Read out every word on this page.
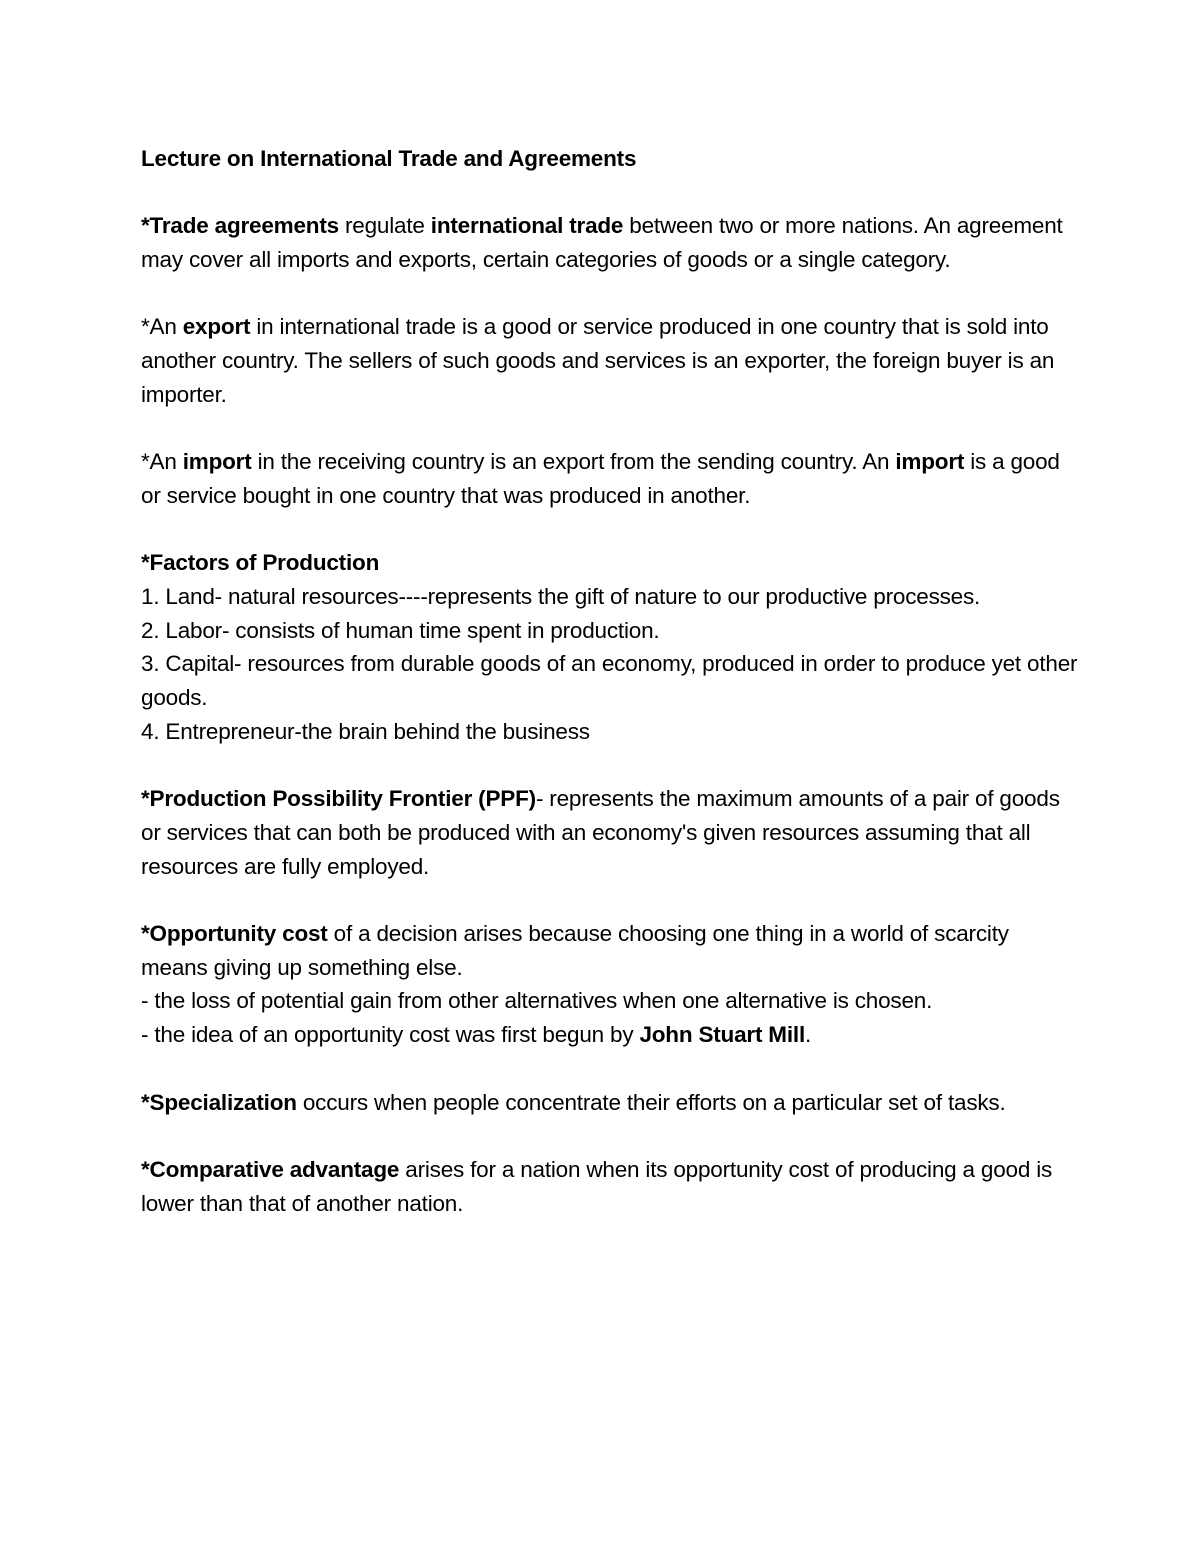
Lecture on International Trade and Agreements

*Trade agreements regulate international trade between two or more nations. An agreement may cover all imports and exports, certain categories of goods or a single category.

*An export in international trade is a good or service produced in one country that is sold into another country. The sellers of such goods and services is an exporter, the foreign buyer is an importer.

*An import in the receiving country is an export from the sending country. An import is a good or service bought in one country that was produced in another.

*Factors of Production
1. Land- natural resources----represents the gift of nature to our productive processes.
2. Labor- consists of human time spent in production.
3. Capital- resources from durable goods of an economy, produced in order to produce yet other goods.
4. Entrepreneur-the brain behind the business

*Production Possibility Frontier (PPF)- represents the maximum amounts of a pair of goods or services that can both be produced with an economy's given resources assuming that all resources are fully employed.

*Opportunity cost of a decision arises because choosing one thing in a world of scarcity means giving up something else.
- the loss of potential gain from other alternatives when one alternative is chosen.
- the idea of an opportunity cost was first begun by John Stuart Mill.

*Specialization occurs when people concentrate their efforts on a particular set of tasks.

*Comparative advantage arises for a nation when its opportunity cost of producing a good is lower than that of another nation.
